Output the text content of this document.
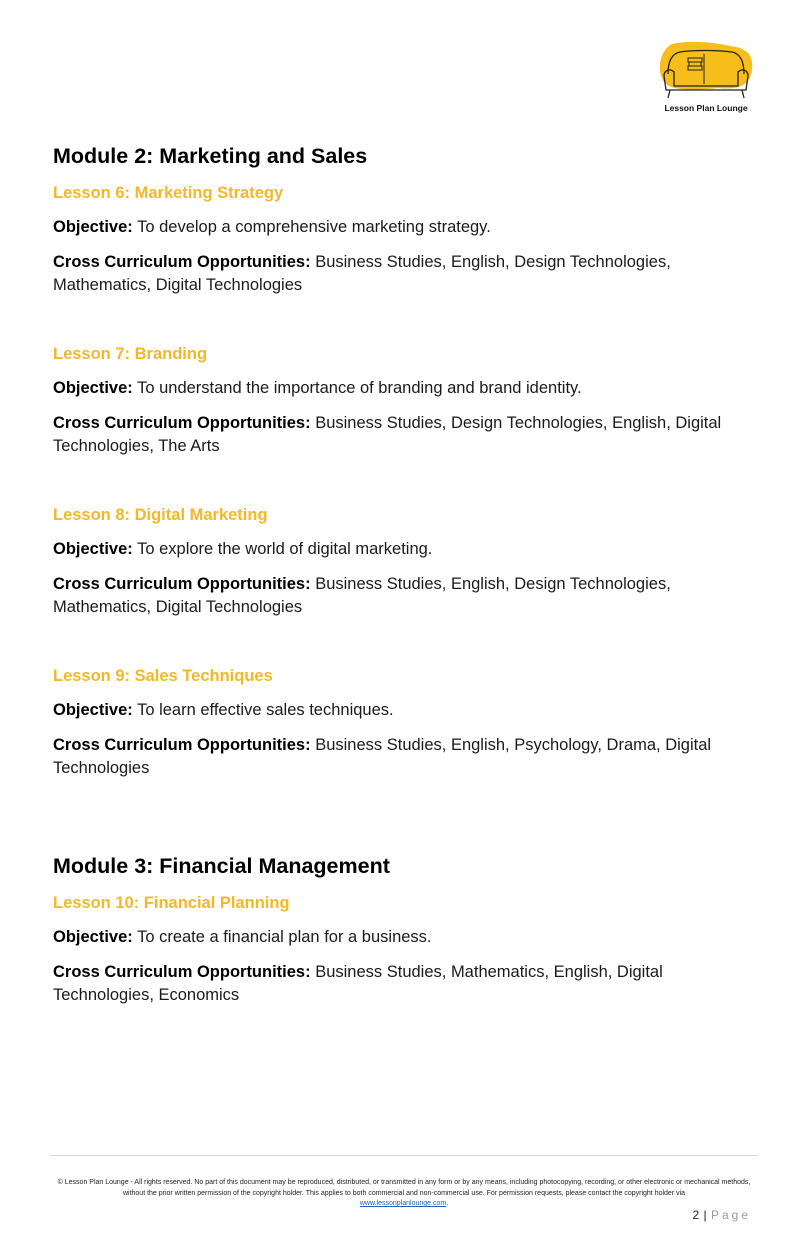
Lesson Plan Lounge
Module 2: Marketing and Sales
Lesson 6: Marketing Strategy
Objective: To develop a comprehensive marketing strategy.
Cross Curriculum Opportunities: Business Studies, English, Design Technologies, Mathematics, Digital Technologies
Lesson 7: Branding
Objective: To understand the importance of branding and brand identity.
Cross Curriculum Opportunities: Business Studies, Design Technologies, English, Digital Technologies, The Arts
Lesson 8: Digital Marketing
Objective: To explore the world of digital marketing.
Cross Curriculum Opportunities: Business Studies, English, Design Technologies, Mathematics, Digital Technologies
Lesson 9: Sales Techniques
Objective: To learn effective sales techniques.
Cross Curriculum Opportunities: Business Studies, English, Psychology, Drama, Digital Technologies
Module 3: Financial Management
Lesson 10: Financial Planning
Objective: To create a financial plan for a business.
Cross Curriculum Opportunities: Business Studies, Mathematics, English, Digital Technologies, Economics
© Lesson Plan Lounge - All rights reserved. No part of this document may be reproduced, distributed, or transmitted in any form or by any means, including photocopying, recording, or other electronic or mechanical methods, without the prior written permission of the copyright holder. This applies to both commercial and non-commercial use. For permission requests, please contact the copyright holder via
www.lessonplanlounge.com.
2 | Page
